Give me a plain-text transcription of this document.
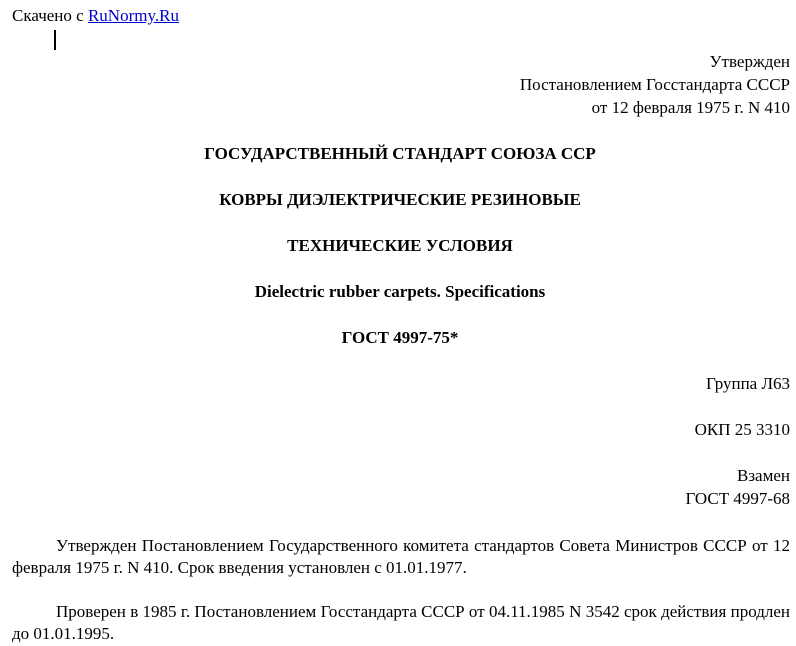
Скачено с RuNormy.Ru
Утвержден
Постановлением Госстандарта СССР
от 12 февраля 1975 г. N 410
ГОСУДАРСТВЕННЫЙ СТАНДАРТ СОЮЗА ССР
КОВРЫ ДИЭЛЕКТРИЧЕСКИЕ РЕЗИНОВЫЕ
ТЕХНИЧЕСКИЕ УСЛОВИЯ
Dielectric rubber carpets. Specifications
ГОСТ 4997-75*
Группа Л63
ОКП 25 3310
Взамен
ГОСТ 4997-68
Утвержден Постановлением Государственного комитета стандартов Совета Министров СССР от 12 февраля 1975 г. N 410. Срок введения установлен с 01.01.1977.
Проверен в 1985 г. Постановлением Госстандарта СССР от 04.11.1985 N 3542 срок действия продлен до 01.01.1995.
